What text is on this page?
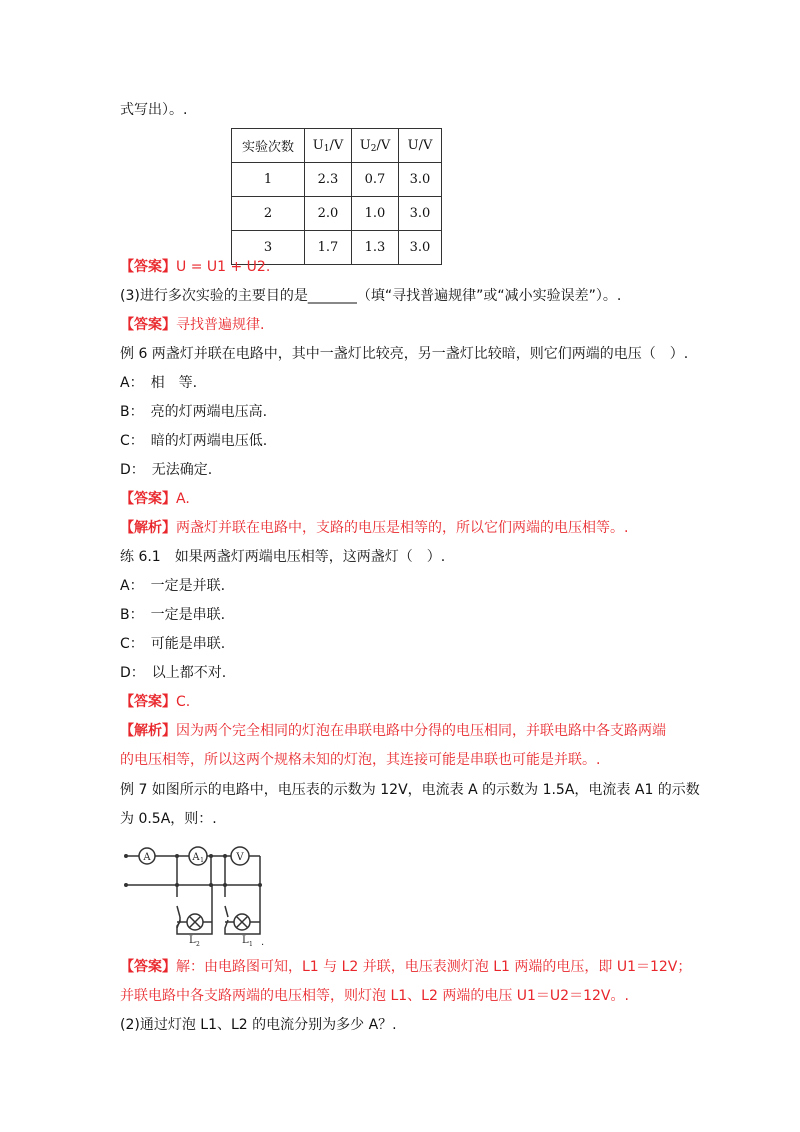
式写出）。.
实验次数	$U_1/V$	$U_2/V$	U/V
1	2.3	0.7	3.0
2	2.0	1.0	3.0
3	1.7	1.3	3.0
【答案】U = U1 + U2.
(3)进行多次实验的主要目的是_______（填“寻找普遍规律”或“减小实验误差”）。.
【答案】寻找普遍规律.
例 6 两盏灯并联在电路中，其中一盏灯比较亮，另一盏灯比较暗，则它们两端的电压（　）.
A：　相　等.
B：　亮的灯两端电压高.
C：　暗的灯两端电压低.
D：　无法确定.
【答案】A.
【解析】两盏灯并联在电路中，支路的电压是相等的，所以它们两端的电压相等。.
练 6.1　如果两盏灯两端电压相等，这两盏灯（　）.
A：　一定是并联.
B：　一定是串联.
C：　可能是串联.
D：　以上都不对.
【答案】C.
【解析】因为两个完全相同的灯泡在串联电路中分得的电压相同，并联电路中各支路两端
的电压相等，所以这两个规格未知的灯泡，其连接可能是串联也可能是并联。.
例 7 如图所示的电路中，电压表的示数为 12V，电流表 A 的示数为 1.5A，电流表 A1 的示数
为 0.5A，则：.
A	A 1	V
L 2	L 1 .
【答案】解：由电路图可知，L1 与 L2 并联，电压表测灯泡 L1 两端的电压，即 U1＝12V；
并联电路中各支路两端的电压相等，则灯泡 L1、L2 两端的电压 U1＝U2＝12V。.
(2)通过灯泡 L1、L2 的电流分别为多少 A？.
